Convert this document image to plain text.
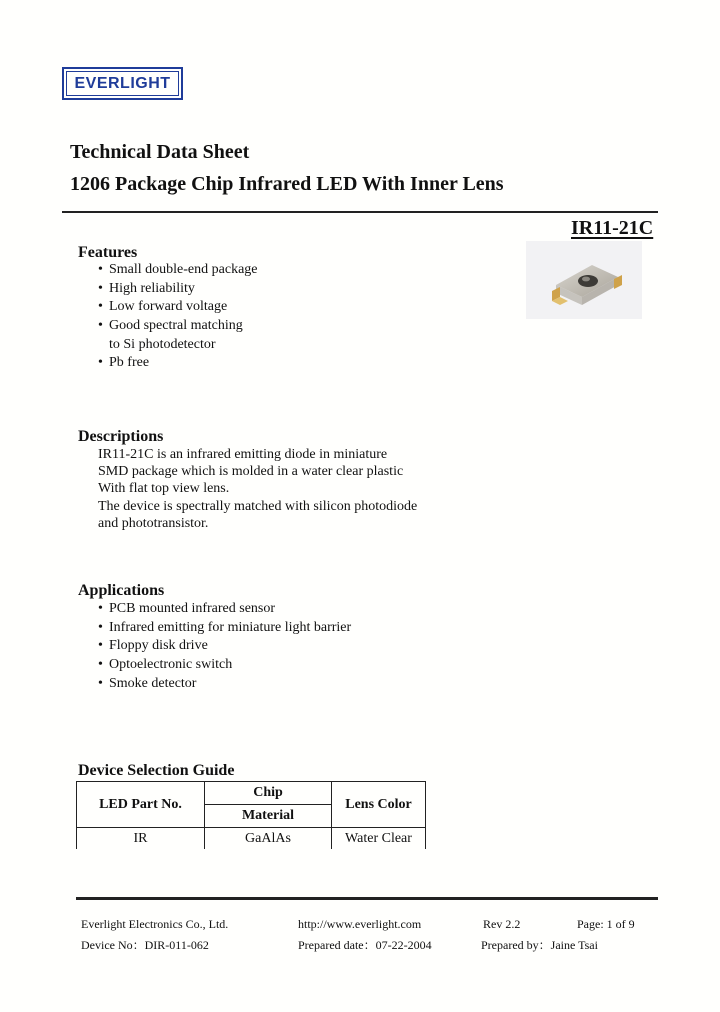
EVERLIGHT
Technical Data Sheet
1206 Package Chip Infrared LED With Inner Lens
IR11-21C
Features
• Small double-end package
• High reliability
• Low forward voltage
• Good spectral matching
to Si photodetector
• Pb free
Descriptions
IR11-21C is an infrared emitting diode in miniature
SMD package which is molded in a water clear plastic
With flat top view lens.
The device is spectrally matched with silicon photodiode
and phototransistor.
Applications
• PCB mounted infrared sensor
• Infrared emitting for miniature light barrier
• Floppy disk drive
• Optoelectronic switch
• Smoke detector
Device Selection Guide
LED Part No.	Chip	Lens Color
	Material	
IR	GaAlAs	Water Clear
Everlight Electronics Co., Ltd.	http://www.everlight.com	Rev 2.2	Page: 1 of 9
Device No：DIR-011-062	Prepared date：07-22-2004	Prepared by：Jaine Tsai
